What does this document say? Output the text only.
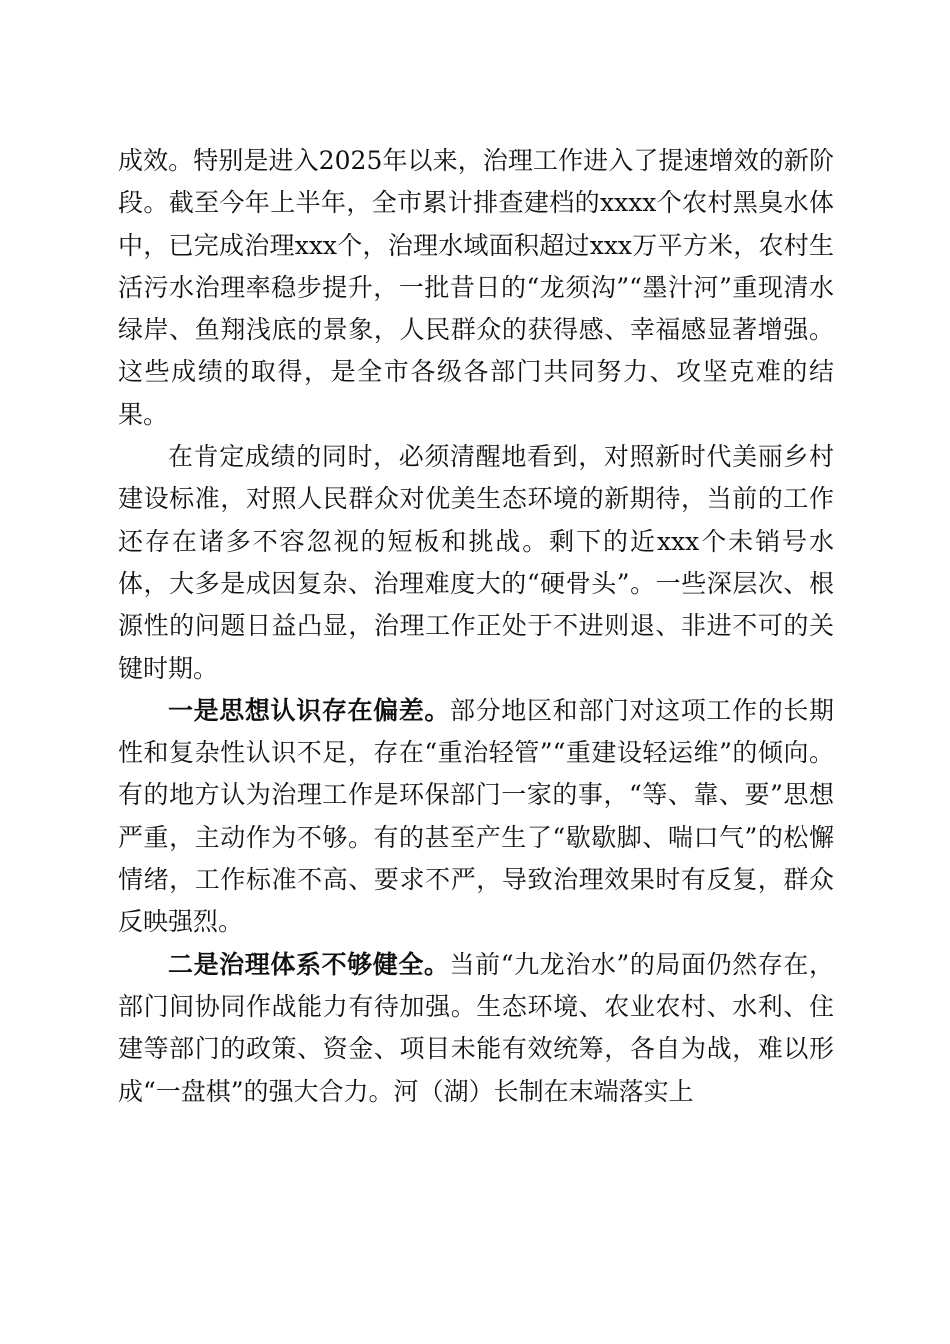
成效。特别是进入2025年以来，治理工作进入了提速增效的新阶段。截至今年上半年，全市累计排查建档的xxxx个农村黑臭水体中，已完成治理xxx个，治理水域面积超过xxx万平方米，农村生活污水治理率稳步提升，一批昔日的“龙须沟”“墨汁河”重现清水绿岸、鱼翔浅底的景象，人民群众的获得感、幸福感显著增强。这些成绩的取得，是全市各级各部门共同努力、攻坚克难的结果。

在肯定成绩的同时，必须清醒地看到，对照新时代美丽乡村建设标准，对照人民群众对优美生态环境的新期待，当前的工作还存在诸多不容忽视的短板和挑战。剩下的近xxx个未销号水体，大多是成因复杂、治理难度大的“硬骨头”。一些深层次、根源性的问题日益凸显，治理工作正处于不进则退、非进不可的关键时期。

一是思想认识存在偏差。部分地区和部门对这项工作的长期性和复杂性认识不足，存在“重治轻管”“重建设轻运维”的倾向。有的地方认为治理工作是环保部门一家的事，“等、靠、要”思想严重，主动作为不够。有的甚至产生了“歇歇脚、喘口气”的松懈情绪，工作标准不高、要求不严，导致治理效果时有反复，群众反映强烈。

二是治理体系不够健全。当前“九龙治水”的局面仍然存在，部门间协同作战能力有待加强。生态环境、农业农村、水利、住建等部门的政策、资金、项目未能有效统筹，各自为战，难以形成“一盘棋”的强大合力。河（湖）长制在末端落实上
